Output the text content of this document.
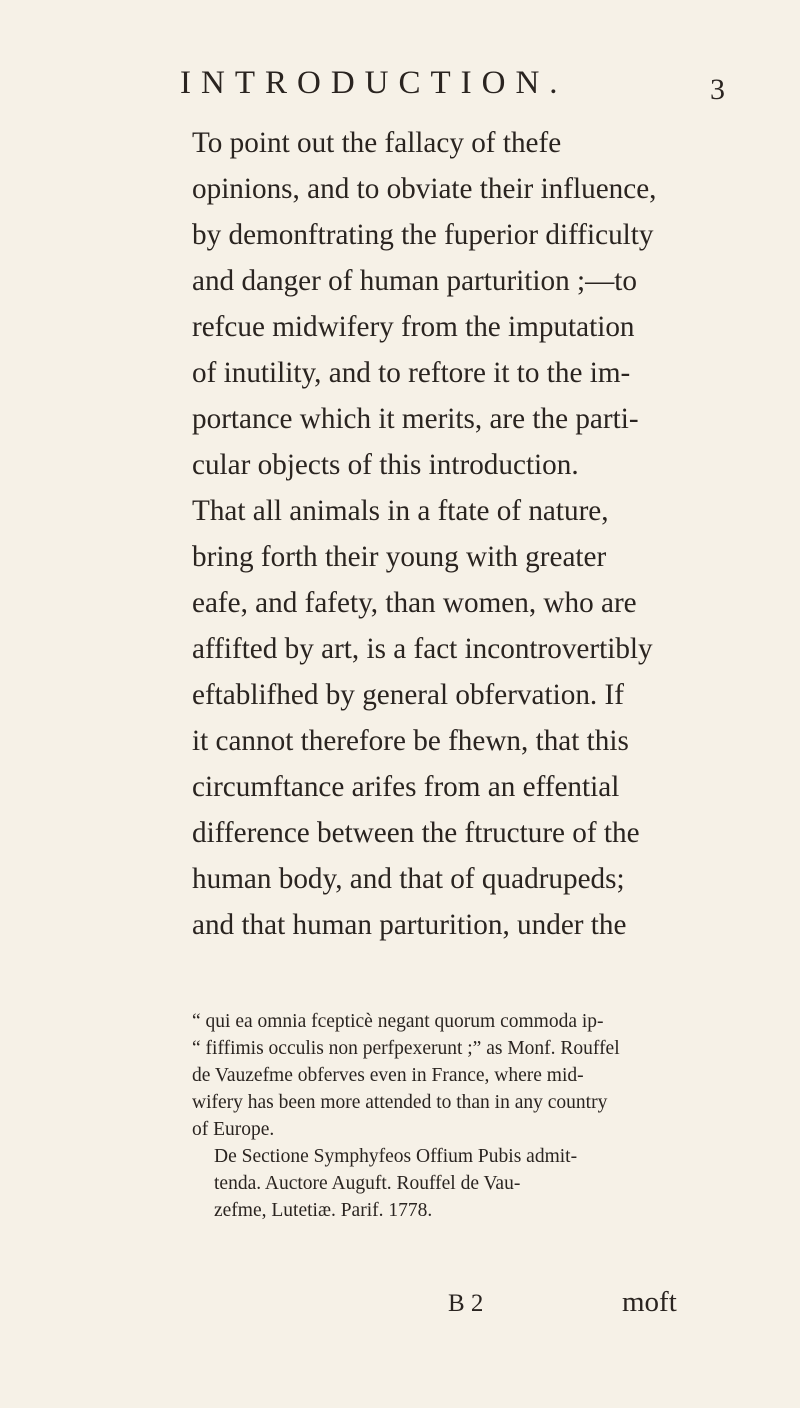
INTRODUCTION.	3
To point out the fallacy of thefe
opinions, and to obviate their influence,
by demonftrating the fuperior difficulty
and danger of human parturition ;—to
refcue midwifery from the imputation
of inutility, and to reftore it to the im-
portance which it merits, are the parti-
cular objects of this introduction.
That all animals in a ftate of nature,
bring forth their young with greater
eafe, and fafety, than women, who are
affifted by art, is a fact incontrovertibly
eftablifhed by general obfervation. If
it cannot therefore be fhewn, that this
circumftance arifes from an effential
difference between the ftructure of the
human body, and that of quadrupeds;
and that human parturition, under the
“ qui ea omnia fcepticè negant quorum commoda ip-
“ fiffimis occulis non perfpexerunt ;” as Monf. Rouffel
de Vauzefme obferves even in France, where mid-
wifery has been more attended to than in any country
of Europe.
De Sectione Symphyfeos Offium Pubis admit-
tenda. Auctore Auguft. Rouffel de Vau-
zefme, Lutetiæ. Parif. 1778.
B 2	moft
